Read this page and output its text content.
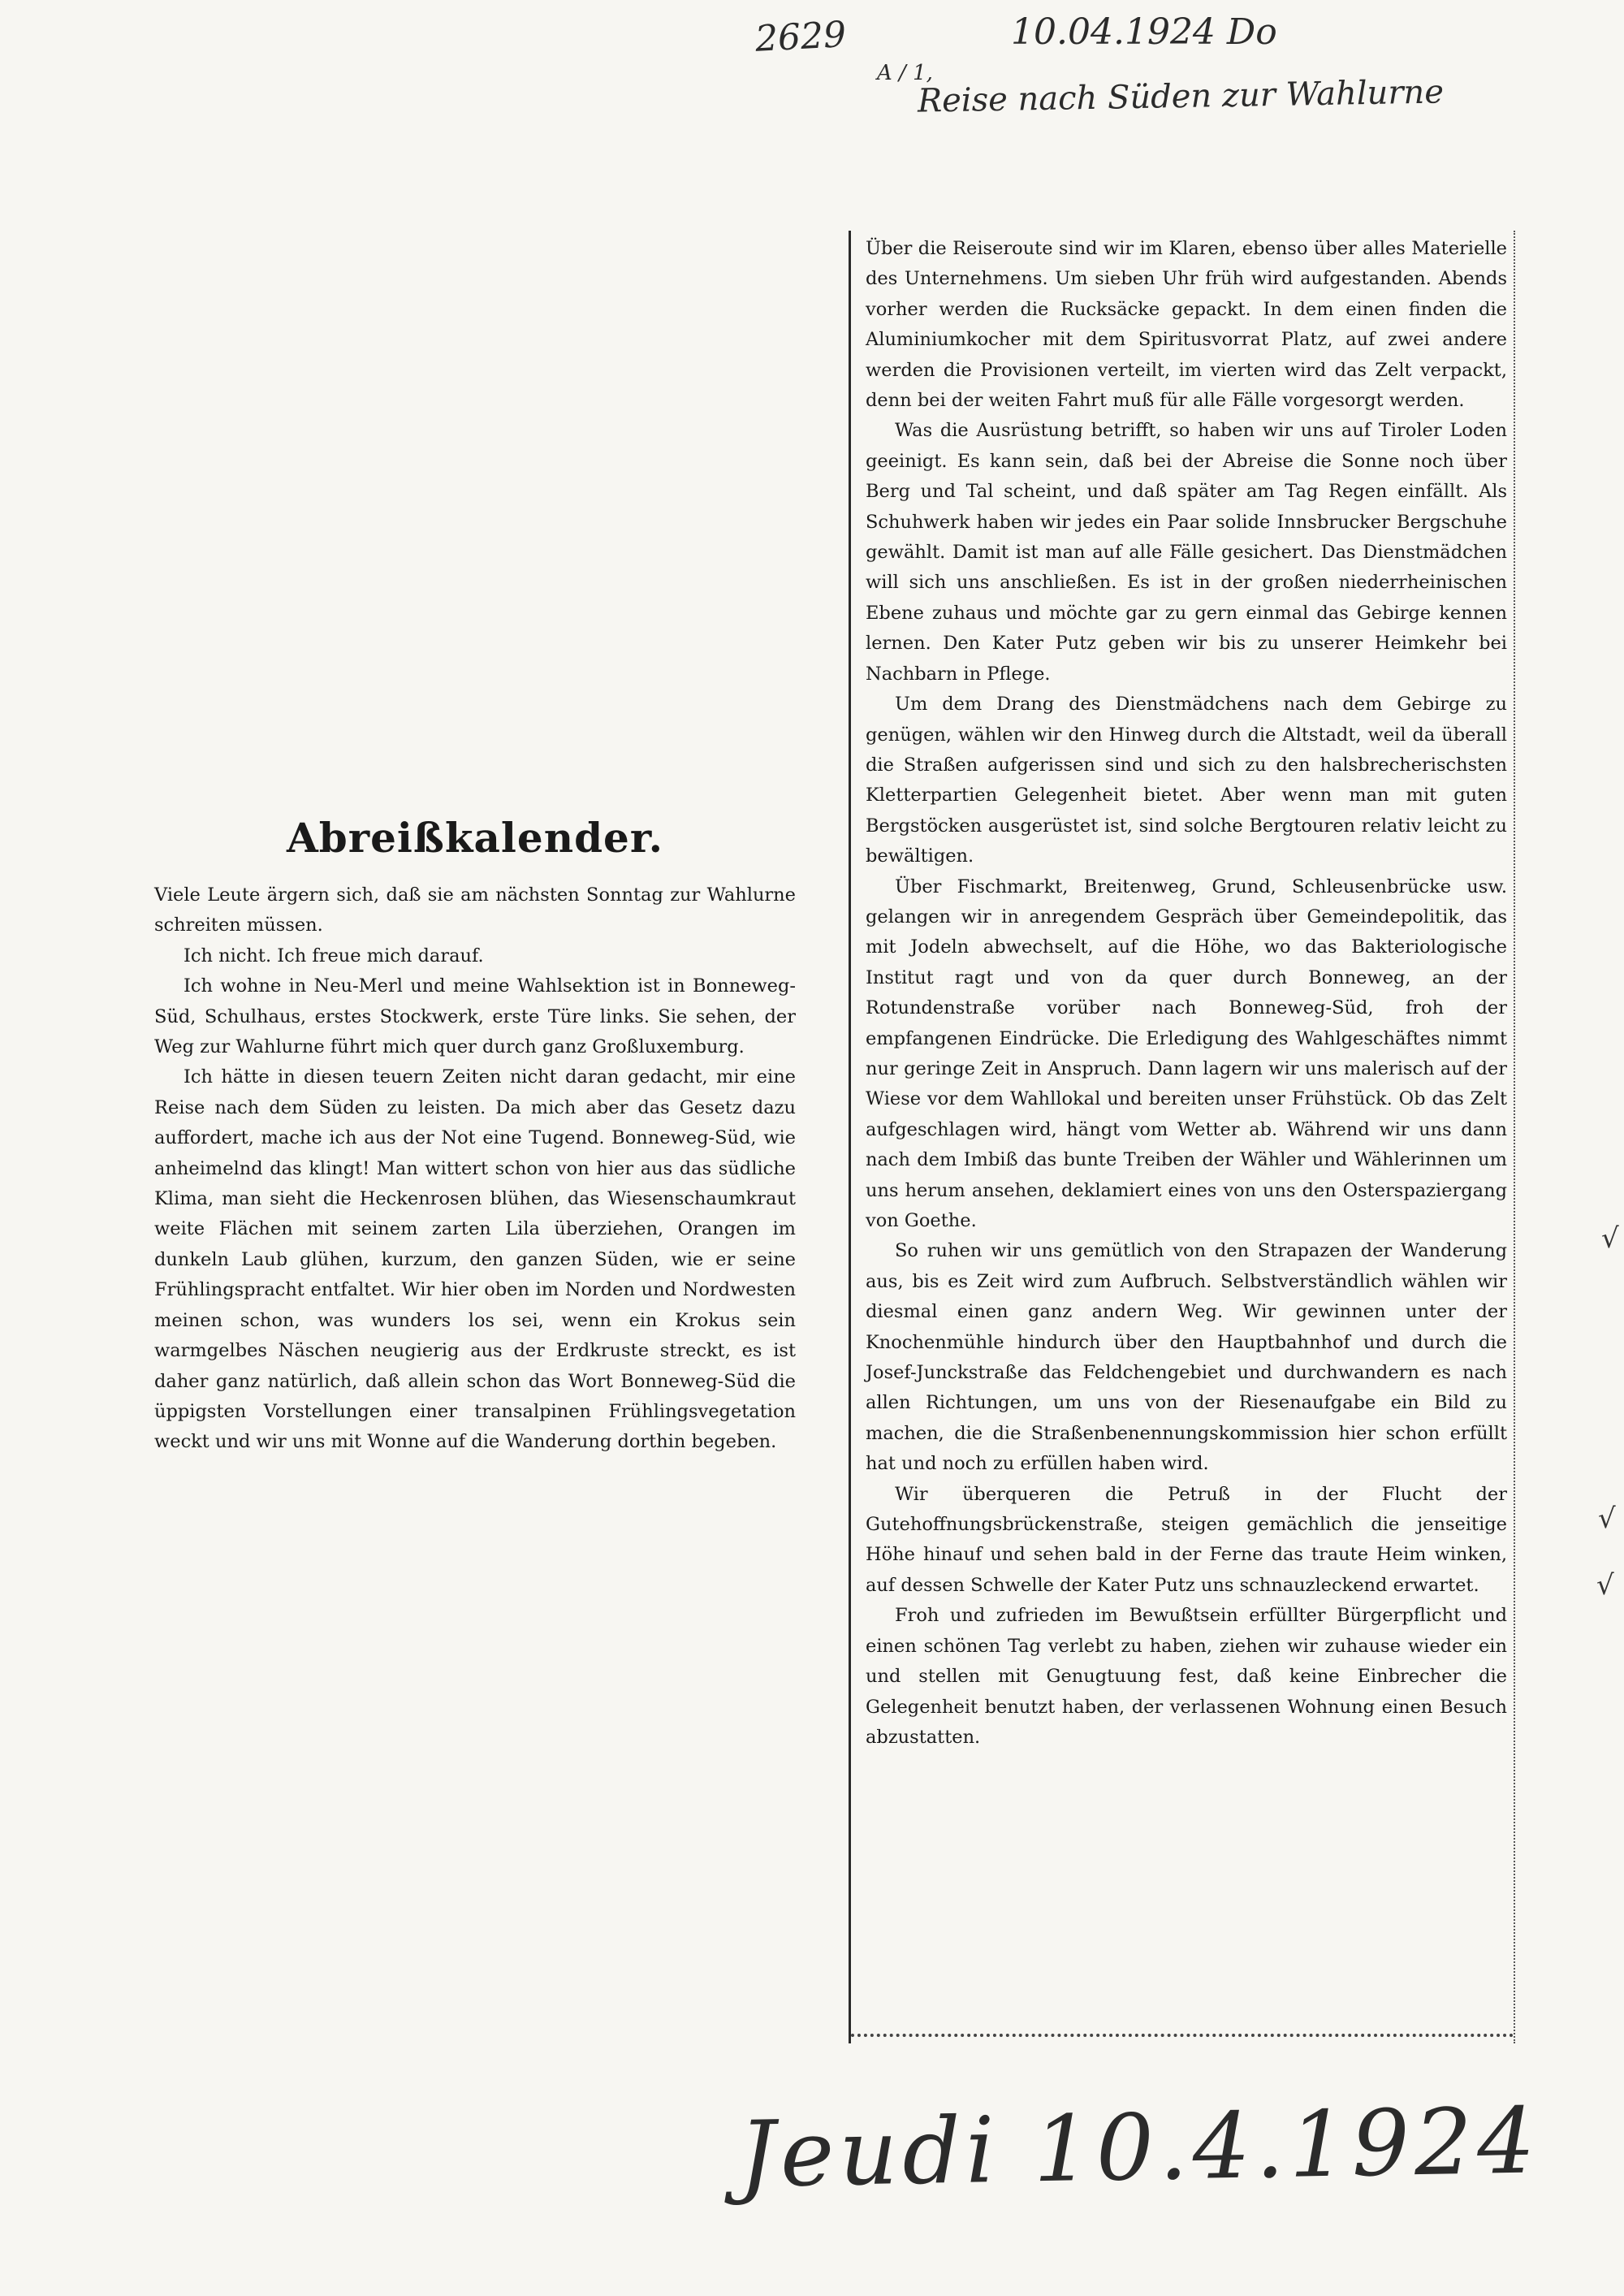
2629	10.04.1924 Do
A / 1,
Reise nach Süden zur Wahlurne
Abreißkalender.

Viele Leute ärgern sich, daß sie am nächsten Sonntag zur Wahlurne schreiten müssen.

Ich nicht. Ich freue mich darauf.

Ich wohne in Neu-Merl und meine Wahlsektion ist in Bonneweg-Süd, Schulhaus, erstes Stockwerk, erste Türe links. Sie sehen, der Weg zur Wahlurne führt mich quer durch ganz Großluxemburg.

Ich hätte in diesen teuern Zeiten nicht daran gedacht, mir eine Reise nach dem Süden zu leisten. Da mich aber das Gesetz dazu auffordert, mache ich aus der Not eine Tugend. Bonneweg-Süd, wie anheimelnd das klingt! Man wittert schon von hier aus das südliche Klima, man sieht die Heckenrosen blühen, das Wiesenschaumkraut weite Flächen mit seinem zarten Lila überziehen, Orangen im dunkeln Laub glühen, kurzum, den ganzen Süden, wie er seine Frühlingspracht entfaltet. Wir hier oben im Norden und Nordwesten meinen schon, was wunders los sei, wenn ein Krokus sein warmgelbes Näschen neugierig aus der Erdkruste streckt, es ist daher ganz natürlich, daß allein schon das Wort Bonneweg-Süd die üppigsten Vorstellungen einer transalpinen Frühlingsvegetation weckt und wir uns mit Wonne auf die Wanderung dorthin begeben.

Über die Reiseroute sind wir im Klaren, ebenso über alles Materielle des Unternehmens. Um sieben Uhr früh wird aufgestanden. Abends vorher werden die Rucksäcke gepackt. In dem einen finden die Aluminiumkocher mit dem Spiritusvorrat Platz, auf zwei andere werden die Provisionen verteilt, im vierten wird das Zelt verpackt, denn bei der weiten Fahrt muß für alle Fälle vorgesorgt werden.

Was die Ausrüstung betrifft, so haben wir uns auf Tiroler Loden geeinigt. Es kann sein, daß bei der Abreise die Sonne noch über Berg und Tal scheint, und daß später am Tag Regen einfällt. Als Schuhwerk haben wir jedes ein Paar solide Innsbrucker Bergschuhe gewählt. Damit ist man auf alle Fälle gesichert. Das Dienstmädchen will sich uns anschließen. Es ist in der großen niederrheinischen Ebene zuhaus und möchte gar zu gern einmal das Gebirge kennen lernen. Den Kater Putz geben wir bis zu unserer Heimkehr bei Nachbarn in Pflege.

Um dem Drang des Dienstmädchens nach dem Gebirge zu genügen, wählen wir den Hinweg durch die Altstadt, weil da überall die Straßen aufgerissen sind und sich zu den halsbrecherischsten Kletterpartien Gelegenheit bietet. Aber wenn man mit guten Bergstöcken ausgerüstet ist, sind solche Bergtouren relativ leicht zu bewältigen.

Über Fischmarkt, Breitenweg, Grund, Schleusenbrücke usw. gelangen wir in anregendem Gespräch über Gemeindepolitik, das mit Jodeln abwechselt, auf die Höhe, wo das Bakteriologische Institut ragt und von da quer durch Bonneweg, an der Rotundenstraße vorüber nach Bonneweg-Süd, froh der empfangenen Eindrücke. Die Erledigung des Wahlgeschäftes nimmt nur geringe Zeit in Anspruch. Dann lagern wir uns malerisch auf der Wiese vor dem Wahllokal und bereiten unser Frühstück. Ob das Zelt aufgeschlagen wird, hängt vom Wetter ab. Während wir uns dann nach dem Imbiß das bunte Treiben der Wähler und Wählerinnen um uns herum ansehen, deklamiert eines von uns den Osterspaziergang von Goethe.

So ruhen wir uns gemütlich von den Strapazen der Wanderung aus, bis es Zeit wird zum Aufbruch. Selbstverständlich wählen wir diesmal einen ganz andern Weg. Wir gewinnen unter der Knochenmühle hindurch über den Hauptbahnhof und durch die Josef-Junckstraße das Feldchengebiet und durchwandern es nach allen Richtungen, um uns von der Riesenaufgabe ein Bild zu machen, die die Straßenbenennungskommission hier schon erfüllt hat und noch zu erfüllen haben wird.

Wir überqueren die Petruß in der Flucht der Gutehoffnungsbrückenstraße, steigen gemächlich die jenseitige Höhe hinauf und sehen bald in der Ferne das traute Heim winken, auf dessen Schwelle der Kater Putz uns schnauzleckend erwartet.

Froh und zufrieden im Bewußtsein erfüllter Bürgerpflicht und einen schönen Tag verlebt zu haben, ziehen wir zuhause wieder ein und stellen mit Genugtuung fest, daß keine Einbrecher die Gelegenheit benutzt haben, der verlassenen Wohnung einen Besuch abzustatten.

√
√
√
Jeudi 10.4.1924
